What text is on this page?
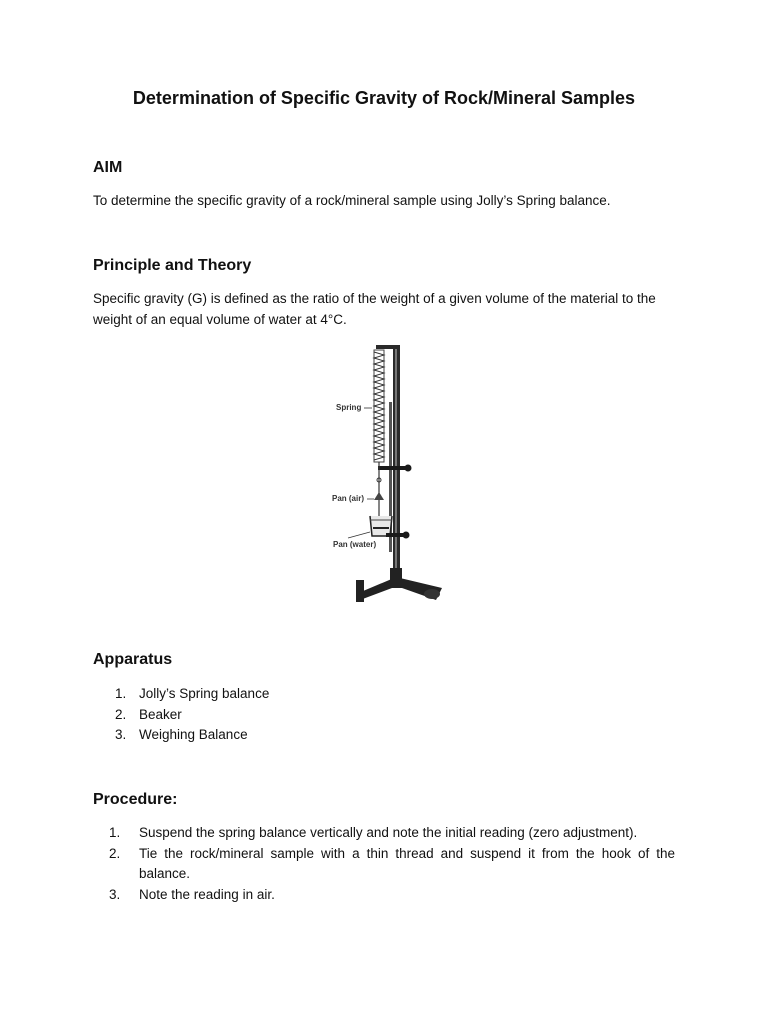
Determination of Specific Gravity of Rock/Mineral Samples
AIM

To determine the specific gravity of a rock/mineral sample using Jolly’s Spring balance.

Principle and Theory

Specific gravity (G) is defined as the ratio of the weight of a given volume of the material to the weight of an equal volume of water at 4°C.

Spring
Pan (air)
Pan (water)
Apparatus
1. Jolly’s Spring balance
2. Beaker
3. Weighing Balance
Procedure:
1. Suspend the spring balance vertically and note the initial reading (zero adjustment).
2. Tie the rock/mineral sample with a thin thread and suspend it from the hook of the balance.
3. Note the reading in air.
